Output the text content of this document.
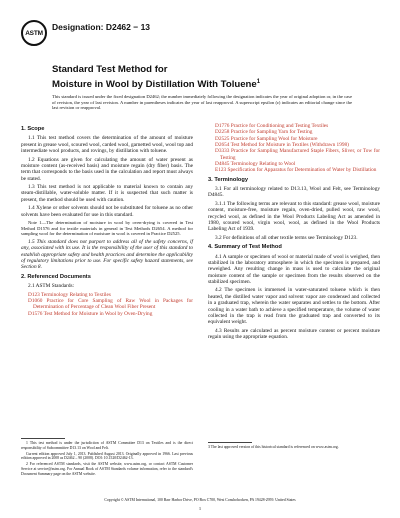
ASTM
Designation: D2462 − 13
Standard Test Method for
Moisture in Wool by Distillation With Toluene$^1$
This standard is issued under the fixed designation D2462; the number immediately following the designation indicates the year of original adoption or, in the case of revision, the year of last revision. A number in parentheses indicates the year of last reapproval. A superscript epsilon (ε) indicates an editorial change since the last revision or reapproval.
1. Scope

1.1 This test method covers the determination of the amount of moisture present in grease wool, scoured wool, carded wool, garnetted wool, wool top and intermediate wool products, and rovings, by distillation with toluene.

1.2 Equations are given for calculating the amount of water present as moisture content (as-received basis) and moisture regain (dry fiber) basis. The term that corresponds to the basis used in the calculation and report must always be stated.

1.3 This test method is not applicable to material known to contain any steam-distillable, water-soluble matter. If it is suspected that such matter is present, the method should be used with caution.

1.4 Xylene or other solvents should not be substituted for toluene as no other solvents have been evaluated for use in this standard.

Note 1—The determination of moisture in wool by oven-drying is covered in Test Method D1576 and for textile materials in general in Test Methods D2654. A method for sampling wool for the determination of moisture in wool is covered in Practice D2525.

1.5 This standard does not purport to address all of the safety concerns, if any, associated with its use. It is the responsibility of the user of this standard to establish appropriate safety and health practices and determine the applicability of regulatory limitations prior to use. For specific safety hazard statements, see Section 8.

2. Referenced Documents

2.1 ASTM Standards:

D123 Terminology Relating to Textiles
D1060 Practice for Core Sampling of Raw Wool in Packages for Determination of Percentage of Clean Wool Fiber Present
D1576 Test Method for Moisture in Wool by Oven-Drying

1 This test method is under the jurisdiction of ASTM Committee D13 on Textiles and is the direct responsibility of Subcommittee D13.13 on Wool and Felt.

Current edition approved July 1, 2013. Published August 2013. Originally approved in 1966. Last previous edition approved in 2008 as D2462 – 90 (2008). DOI: 10.1520/D2462-13.

2 For referenced ASTM standards, visit the ASTM website, www.astm.org, or contact ASTM Customer Service at service@astm.org. For Annual Book of ASTM Standards volume information, refer to the standard's Document Summary page on the ASTM website.

D1776 Practice for Conditioning and Testing Textiles
D2258 Practice for Sampling Yarn for Testing
D2525 Practice for Sampling Wool for Moisture
D2654 Test Method for Moisture in Textiles (Withdrawn 1998)
D3333 Practice for Sampling Manufactured Staple Fibers, Sliver, or Tow for Testing
D4845 Terminology Relating to Wool
E123 Specification for Apparatus for Determination of Water by Distillation
3. Terminology

3.1 For all terminology related to D13.13, Wool and Felt, see Terminology D4845.

3.1.1 The following terms are relevant to this standard: grease wool, moisture content, moisture-free, moisture regain, oven-dried, pulled wool, raw wool, recycled wool, as defined in the Wool Products Labeling Act as amended in 1980, scoured wool, virgin wool, wool, as defined in the Wool Products Labeling Act of 1939.

3.2 For definitions of all other textile terms see Terminology D123.

4. Summary of Test Method

4.1 A sample or specimen of wool or material made of wool is weighed, then stabilized in the laboratory atmosphere in which the specimen is prepared, and reweighed. Any resulting change in mass is used to calculate the original moisture content of the sample or specimen from the results observed on the stabilized specimen.

4.2 The specimen is immersed in water-saturated toluene which is then heated, the distilled water vapor and solvent vapor are condensed and collected in a graduated trap, wherein the water separates and settles to the bottom. After cooling in a water bath to achieve a specified temperature, the volume of water collected in the trap is read from the graduated trap and converted to its equivalent weight.

4.3 Results are calculated as percent moisture content or percent moisture regain using the appropriate equation.

3 The last approved version of this historical standard is referenced on www.astm.org.
Copyright © ASTM International, 100 Barr Harbor Drive, PO Box C700, West Conshohocken, PA 19428-2959. United States
1
